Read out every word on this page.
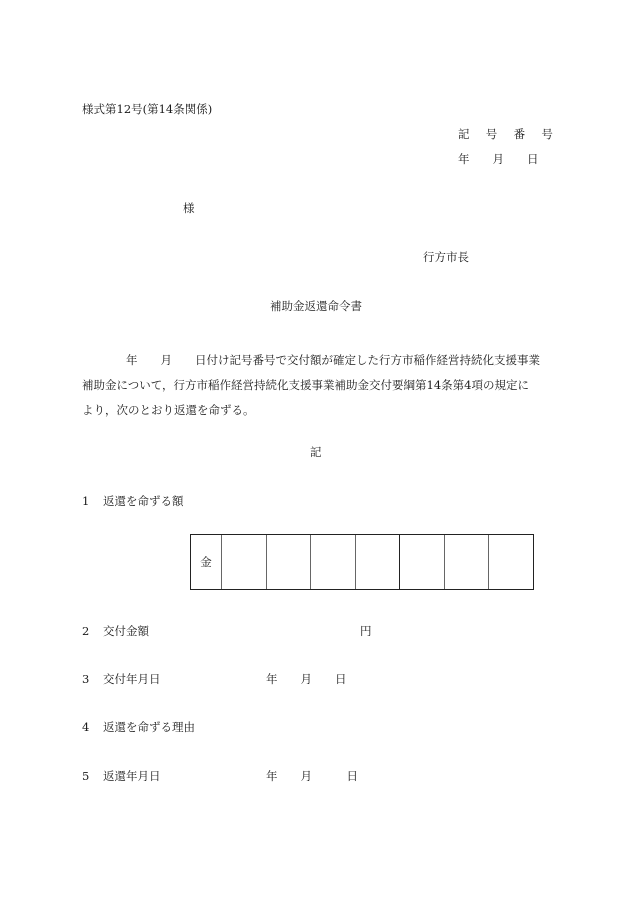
様式第12号(第14条関係)
記 号 番 号
年　　月　　日
様
行方市長
補助金返還命令書
年　　月　　日付け記号番号で交付額が確定した行方市稲作経営持続化支援事業
補助金について，行方市稲作経営持続化支援事業補助金交付要綱第14条第4項の規定に
より，次のとおり返還を命ずる。
記
1 返還を命ずる額
金
2 交付金額	円
3 交付年月日	年　　月　　日
4 返還を命ずる理由
5 返還年月日	年　　月　　　日
